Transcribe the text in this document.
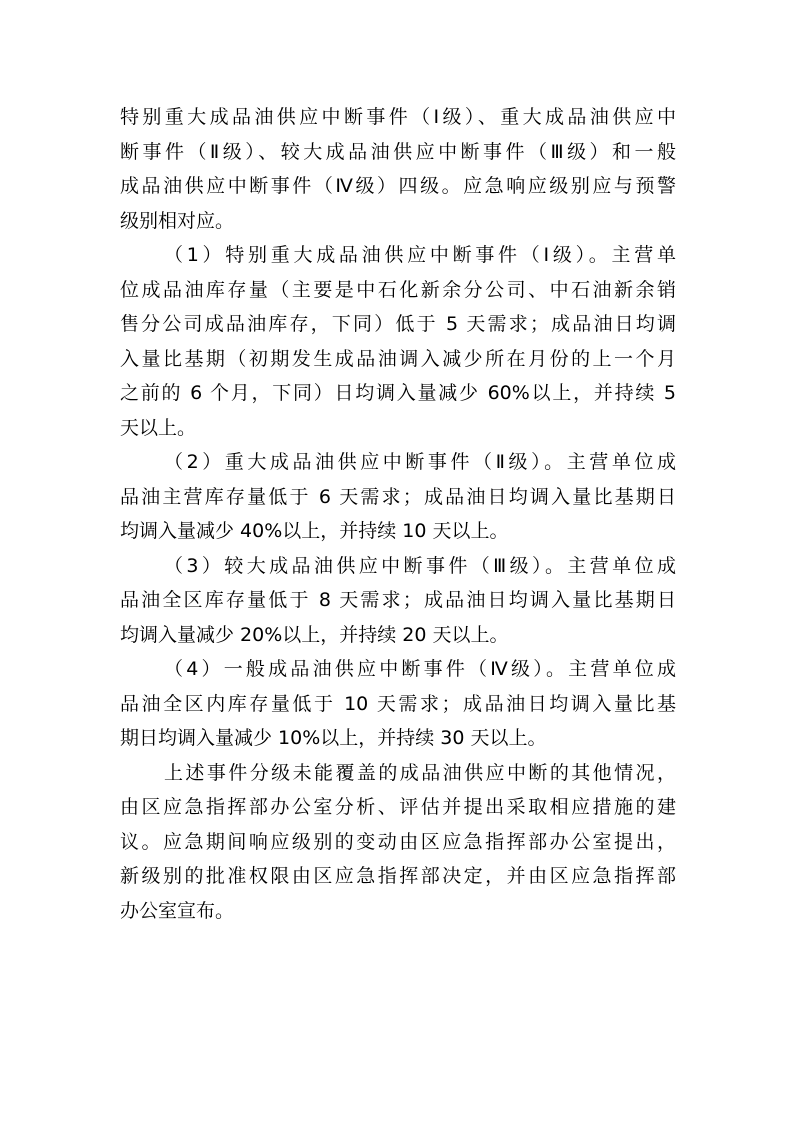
特别重大成品油供应中断事件（Ⅰ级）、重大成品油供应中
断事件（Ⅱ级）、较大成品油供应中断事件（Ⅲ级）和一般
成品油供应中断事件（Ⅳ级）四级。应急响应级别应与预警
级别相对应。
（1）特别重大成品油供应中断事件（Ⅰ级）。主营单
位成品油库存量（主要是中石化新余分公司、中石油新余销
售分公司成品油库存，下同）低于 5 天需求；成品油日均调
入量比基期（初期发生成品油调入减少所在月份的上一个月
之前的 6 个月，下同）日均调入量减少 60%以上，并持续 5
天以上。
（2）重大成品油供应中断事件（Ⅱ级）。主营单位成
品油主营库存量低于 6 天需求；成品油日均调入量比基期日
均调入量减少 40%以上，并持续 10 天以上。
（3）较大成品油供应中断事件（Ⅲ级）。主营单位成
品油全区库存量低于 8 天需求；成品油日均调入量比基期日
均调入量减少 20%以上，并持续 20 天以上。
（4）一般成品油供应中断事件（Ⅳ级）。主营单位成
品油全区内库存量低于 10 天需求；成品油日均调入量比基
期日均调入量减少 10%以上，并持续 30 天以上。
上述事件分级未能覆盖的成品油供应中断的其他情况，
由区应急指挥部办公室分析、评估并提出采取相应措施的建
议。应急期间响应级别的变动由区应急指挥部办公室提出，
新级别的批准权限由区应急指挥部决定，并由区应急指挥部
办公室宣布。
